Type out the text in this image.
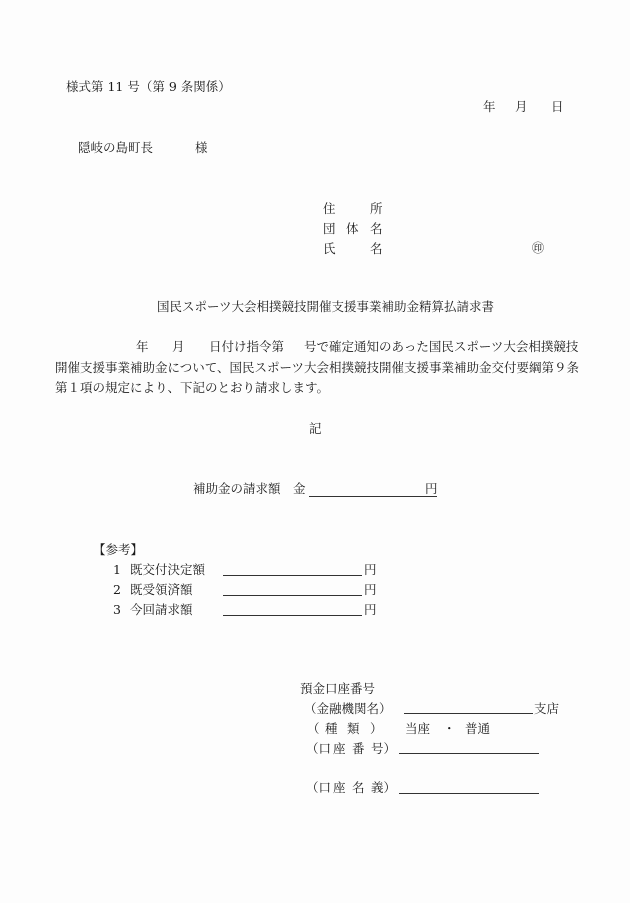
様式第 11 号（第 9 条関係）
年 月 日
隠岐の島町長	様
住	所
団 体 名
氏	名	㊞
国民スポーツ大会相撲競技開催支援事業補助金精算払請求書
年 月 日付け指令第 号で確定通知のあった国民スポーツ大会相撲競技
開催支援事業補助金について、国民スポーツ大会相撲競技開催支援事業補助金交付要綱第９条
第１項の規定により、下記のとおり請求します。
記
補助金の請求額　金	円
【参考】
1 既交付決定額	円
2 既受領済額	円
3 今回請求額	円
預金口座番号
（金融機関名）	支店
（ 種 類 ） 当座 ・ 普通
（口 座 番 号）
（口 座 名 義）
